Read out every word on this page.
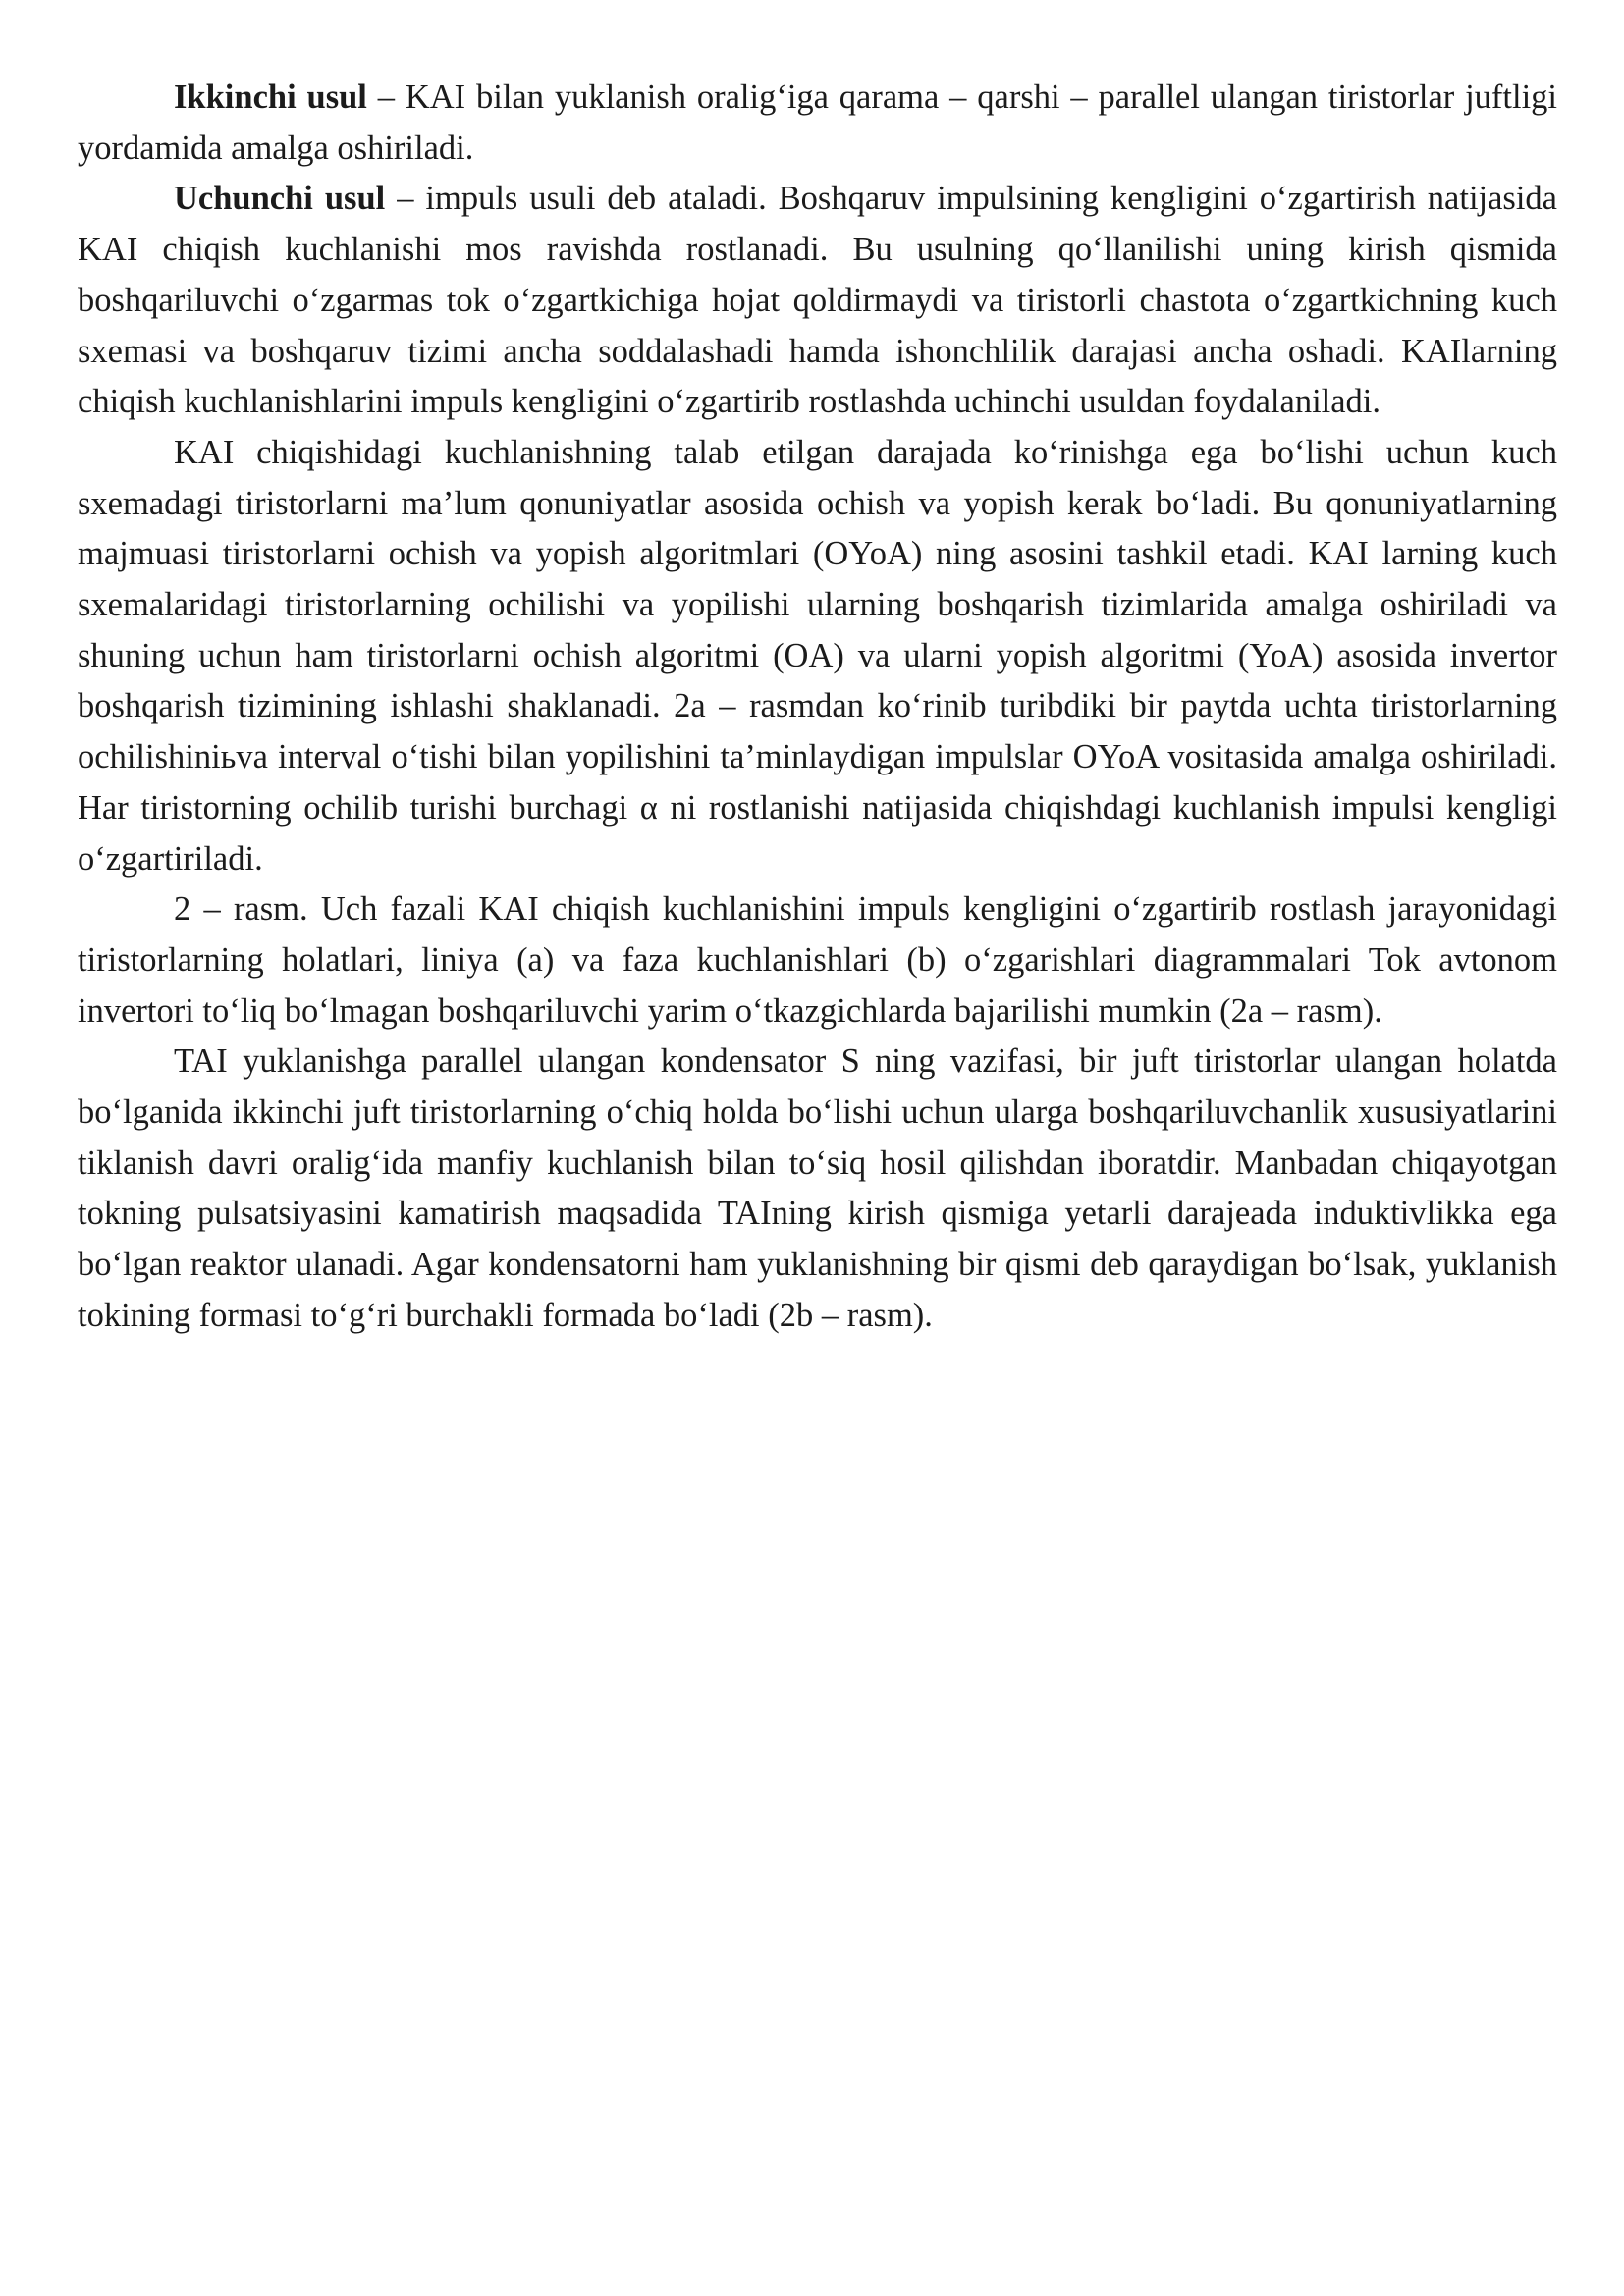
Ikkinchi usul – KAI bilan yuklanish oralig‘iga qarama – qarshi – parallel ulangan tiristorlar juftligi yordamida amalga oshiriladi.

Uchunchi usul – impuls usuli deb ataladi. Boshqaruv impulsining kengligini o‘zgartirish natijasida KAI chiqish kuchlanishi mos ravishda rostlanadi. Bu usulning qo‘llanilishi uning kirish qismida boshqariluvchi o‘zgarmas tok o‘zgartkichiga hojat qoldirmaydi va tiristorli chastota o‘zgartkichning kuch sxemasi va boshqaruv tizimi ancha soddalashadi hamda ishonchlilik darajasi ancha oshadi. KAIlarning chiqish kuchlanishlarini impuls kengligini o‘zgartirib rostlashda uchinchi usuldan foydalaniladi.

KAI chiqishidagi kuchlanishning talab etilgan darajada ko‘rinishga ega bo‘lishi uchun kuch sxemadagi tiristorlarni ma’lum qonuniyatlar asosida ochish va yopish kerak bo‘ladi. Bu qonuniyatlarning majmuasi tiristorlarni ochish va yopish algoritmlari (OYoA) ning asosini tashkil etadi. KAI larning kuch sxemalaridagi tiristorlarning ochilishi va yopilishi ularning boshqarish tizimlarida amalga oshiriladi va shuning uchun ham tiristorlarni ochish algoritmi (OA) va ularni yopish algoritmi (YoA) asosida invertor boshqarish tizimining ishlashi shaklanadi. 2a – rasmdan ko‘rinib turibdiki bir paytda uchta tiristorlarning ochilishiniьva interval o‘tishi bilan yopilishini ta’minlaydigan impulslar OYoA vositasida amalga oshiriladi. Har tiristorning ochilib turishi burchagi α ni rostlanishi natijasida chiqishdagi kuchlanish impulsi kengligi o‘zgartiriladi.

2 – rasm. Uch fazali KAI chiqish kuchlanishini impuls kengligini o‘zgartirib rostlash jarayonidagi tiristorlarning holatlari, liniya (a) va faza kuchlanishlari (b) o‘zgarishlari diagrammalari Tok avtonom invertori to‘liq bo‘lmagan boshqariluvchi yarim o‘tkazgichlarda bajarilishi mumkin (2a – rasm).

TAI yuklanishga parallel ulangan kondensator S ning vazifasi, bir juft tiristorlar ulangan holatda bo‘lganida ikkinchi juft tiristorlarning o‘chiq holda bo‘lishi uchun ularga boshqariluvchanlik xususiyatlarini tiklanish davri oralig‘ida manfiy kuchlanish bilan to‘siq hosil qilishdan iboratdir. Manbadan chiqayotgan tokning pulsatsiyasini kamatirish maqsadida TAIning kirish qismiga yetarli darajeada induktivlikka ega bo‘lgan reaktor ulanadi. Agar kondensatorni ham yuklanishning bir qismi deb qaraydigan bo‘lsak, yuklanish tokining formasi to‘g‘ri burchakli formada bo‘ladi (2b – rasm).
